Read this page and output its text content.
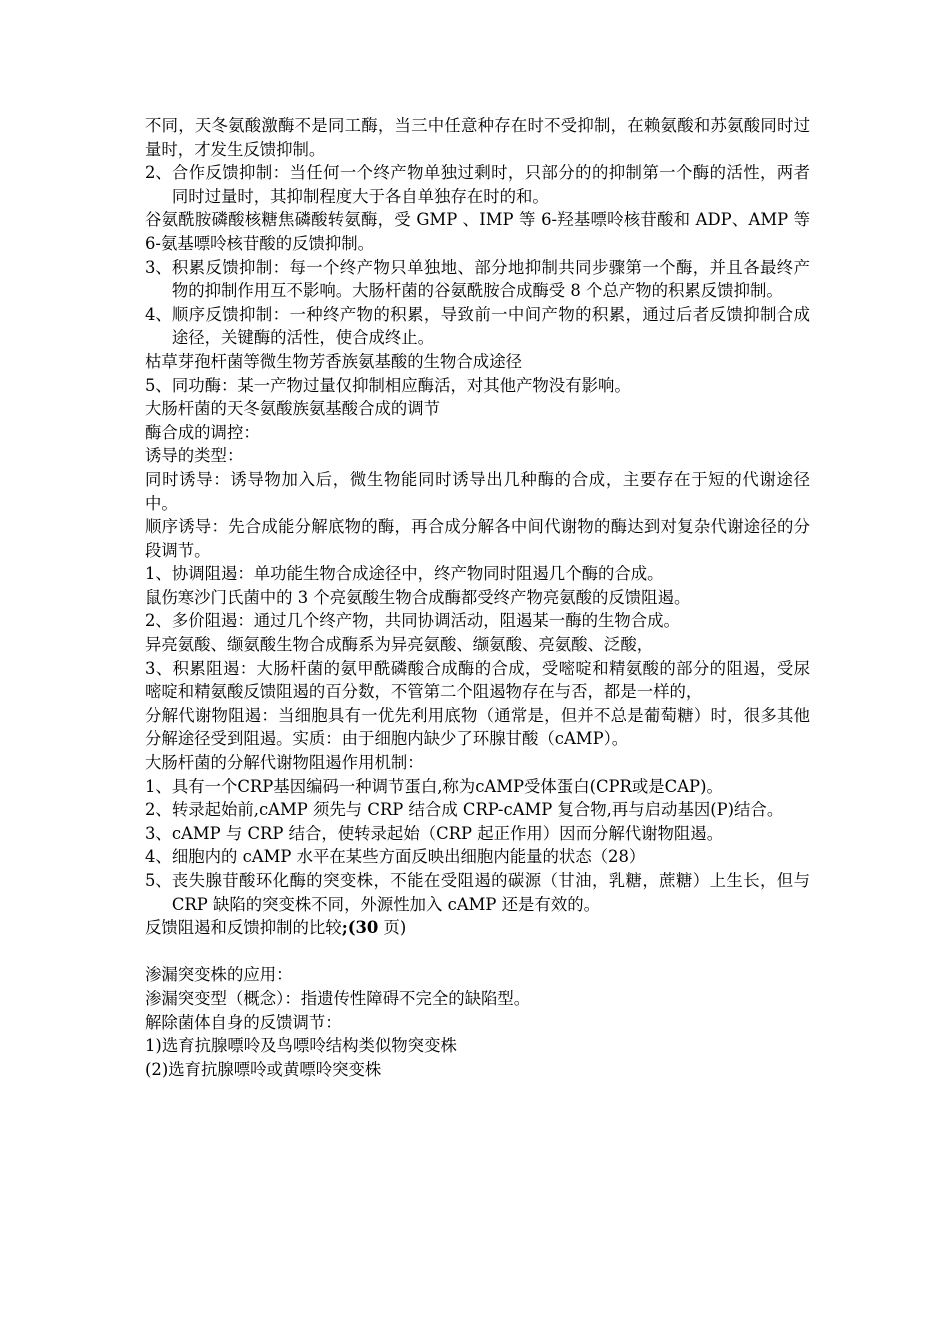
不同，天冬氨酸激酶不是同工酶，当三中任意种存在时不受抑制，在赖氨酸和苏氨酸同时过量时，才发生反馈抑制。

2、 合作反馈抑制：当任何一个终产物单独过剩时，只部分的的抑制第一个酶的活性，两者同时过量时，其抑制程度大于各自单独存在时的和。

谷氨酰胺磷酸核糖焦磷酸转氨酶，受 GMP 、IMP 等 6-羟基嘌呤核苷酸和 ADP、AMP 等 6-氨基嘌呤核苷酸的反馈抑制。

3、 积累反馈抑制：每一个终产物只单独地、部分地抑制共同步骤第一个酶，并且各最终产物的抑制作用互不影响。大肠杆菌的谷氨酰胺合成酶受 8 个总产物的积累反馈抑制。
4、 顺序反馈抑制：一种终产物的积累，导致前一中间产物的积累，通过后者反馈抑制合成途径，关键酶的活性，使合成终止。

枯草芽孢杆菌等微生物芳香族氨基酸的生物合成途径

5、 同功酶：某一产物过量仅抑制相应酶活，对其他产物没有影响。

大肠杆菌的天冬氨酸族氨基酸合成的调节

酶合成的调控：

诱导的类型：

同时诱导：诱导物加入后，微生物能同时诱导出几种酶的合成，主要存在于短的代谢途径中。

顺序诱导：先合成能分解底物的酶，再合成分解各中间代谢物的酶达到对复杂代谢途径的分段调节。

1、协调阻遏：单功能生物合成途径中，终产物同时阻遏几个酶的合成。

鼠伤寒沙门氏菌中的 3 个亮氨酸生物合成酶都受终产物亮氨酸的反馈阻遏。

2、多价阻遏：通过几个终产物，共同协调活动，阻遏某一酶的生物合成。

异亮氨酸、缬氨酸生物合成酶系为异亮氨酸、缬氨酸、亮氨酸、泛酸，

3、积累阻遏：大肠杆菌的氨甲酰磷酸合成酶的合成，受嘧啶和精氨酸的部分的阻遏，受尿嘧啶和精氨酸反馈阻遏的百分数，不管第二个阻遏物存在与否，都是一样的，

分解代谢物阻遏：当细胞具有一优先利用底物（通常是，但并不总是葡萄糖）时，很多其他分解途径受到阻遏。实质：由于细胞内缺少了环腺甘酸（cAMP）。

大肠杆菌的分解代谢物阻遏作用机制：

1、 具有一个CRP基因编码一种调节蛋白,称为cAMP受体蛋白(CPR或是CAP)。
2、 转录起始前,cAMP 须先与 CRP 结合成 CRP-cAMP 复合物,再与启动基因(P)结合。
3、 cAMP 与 CRP 结合，使转录起始（CRP 起正作用）因而分解代谢物阻遏。
4、 细胞内的 cAMP 水平在某些方面反映出细胞内能量的状态（28）
5、 丧失腺苷酸环化酶的突变株，不能在受阻遏的碳源（甘油，乳糖，蔗糖）上生长，但与 CRP 缺陷的突变株不同，外源性加入 cAMP 还是有效的。

反馈阻遏和反馈抑制的比较;(30 页)

渗漏突变株的应用：

渗漏突变型（概念）：指遗传性障碍不完全的缺陷型。

解除菌体自身的反馈调节：

1)选育抗腺嘌呤及鸟嘌呤结构类似物突变株

(2)选育抗腺嘌呤或黄嘌呤突变株
